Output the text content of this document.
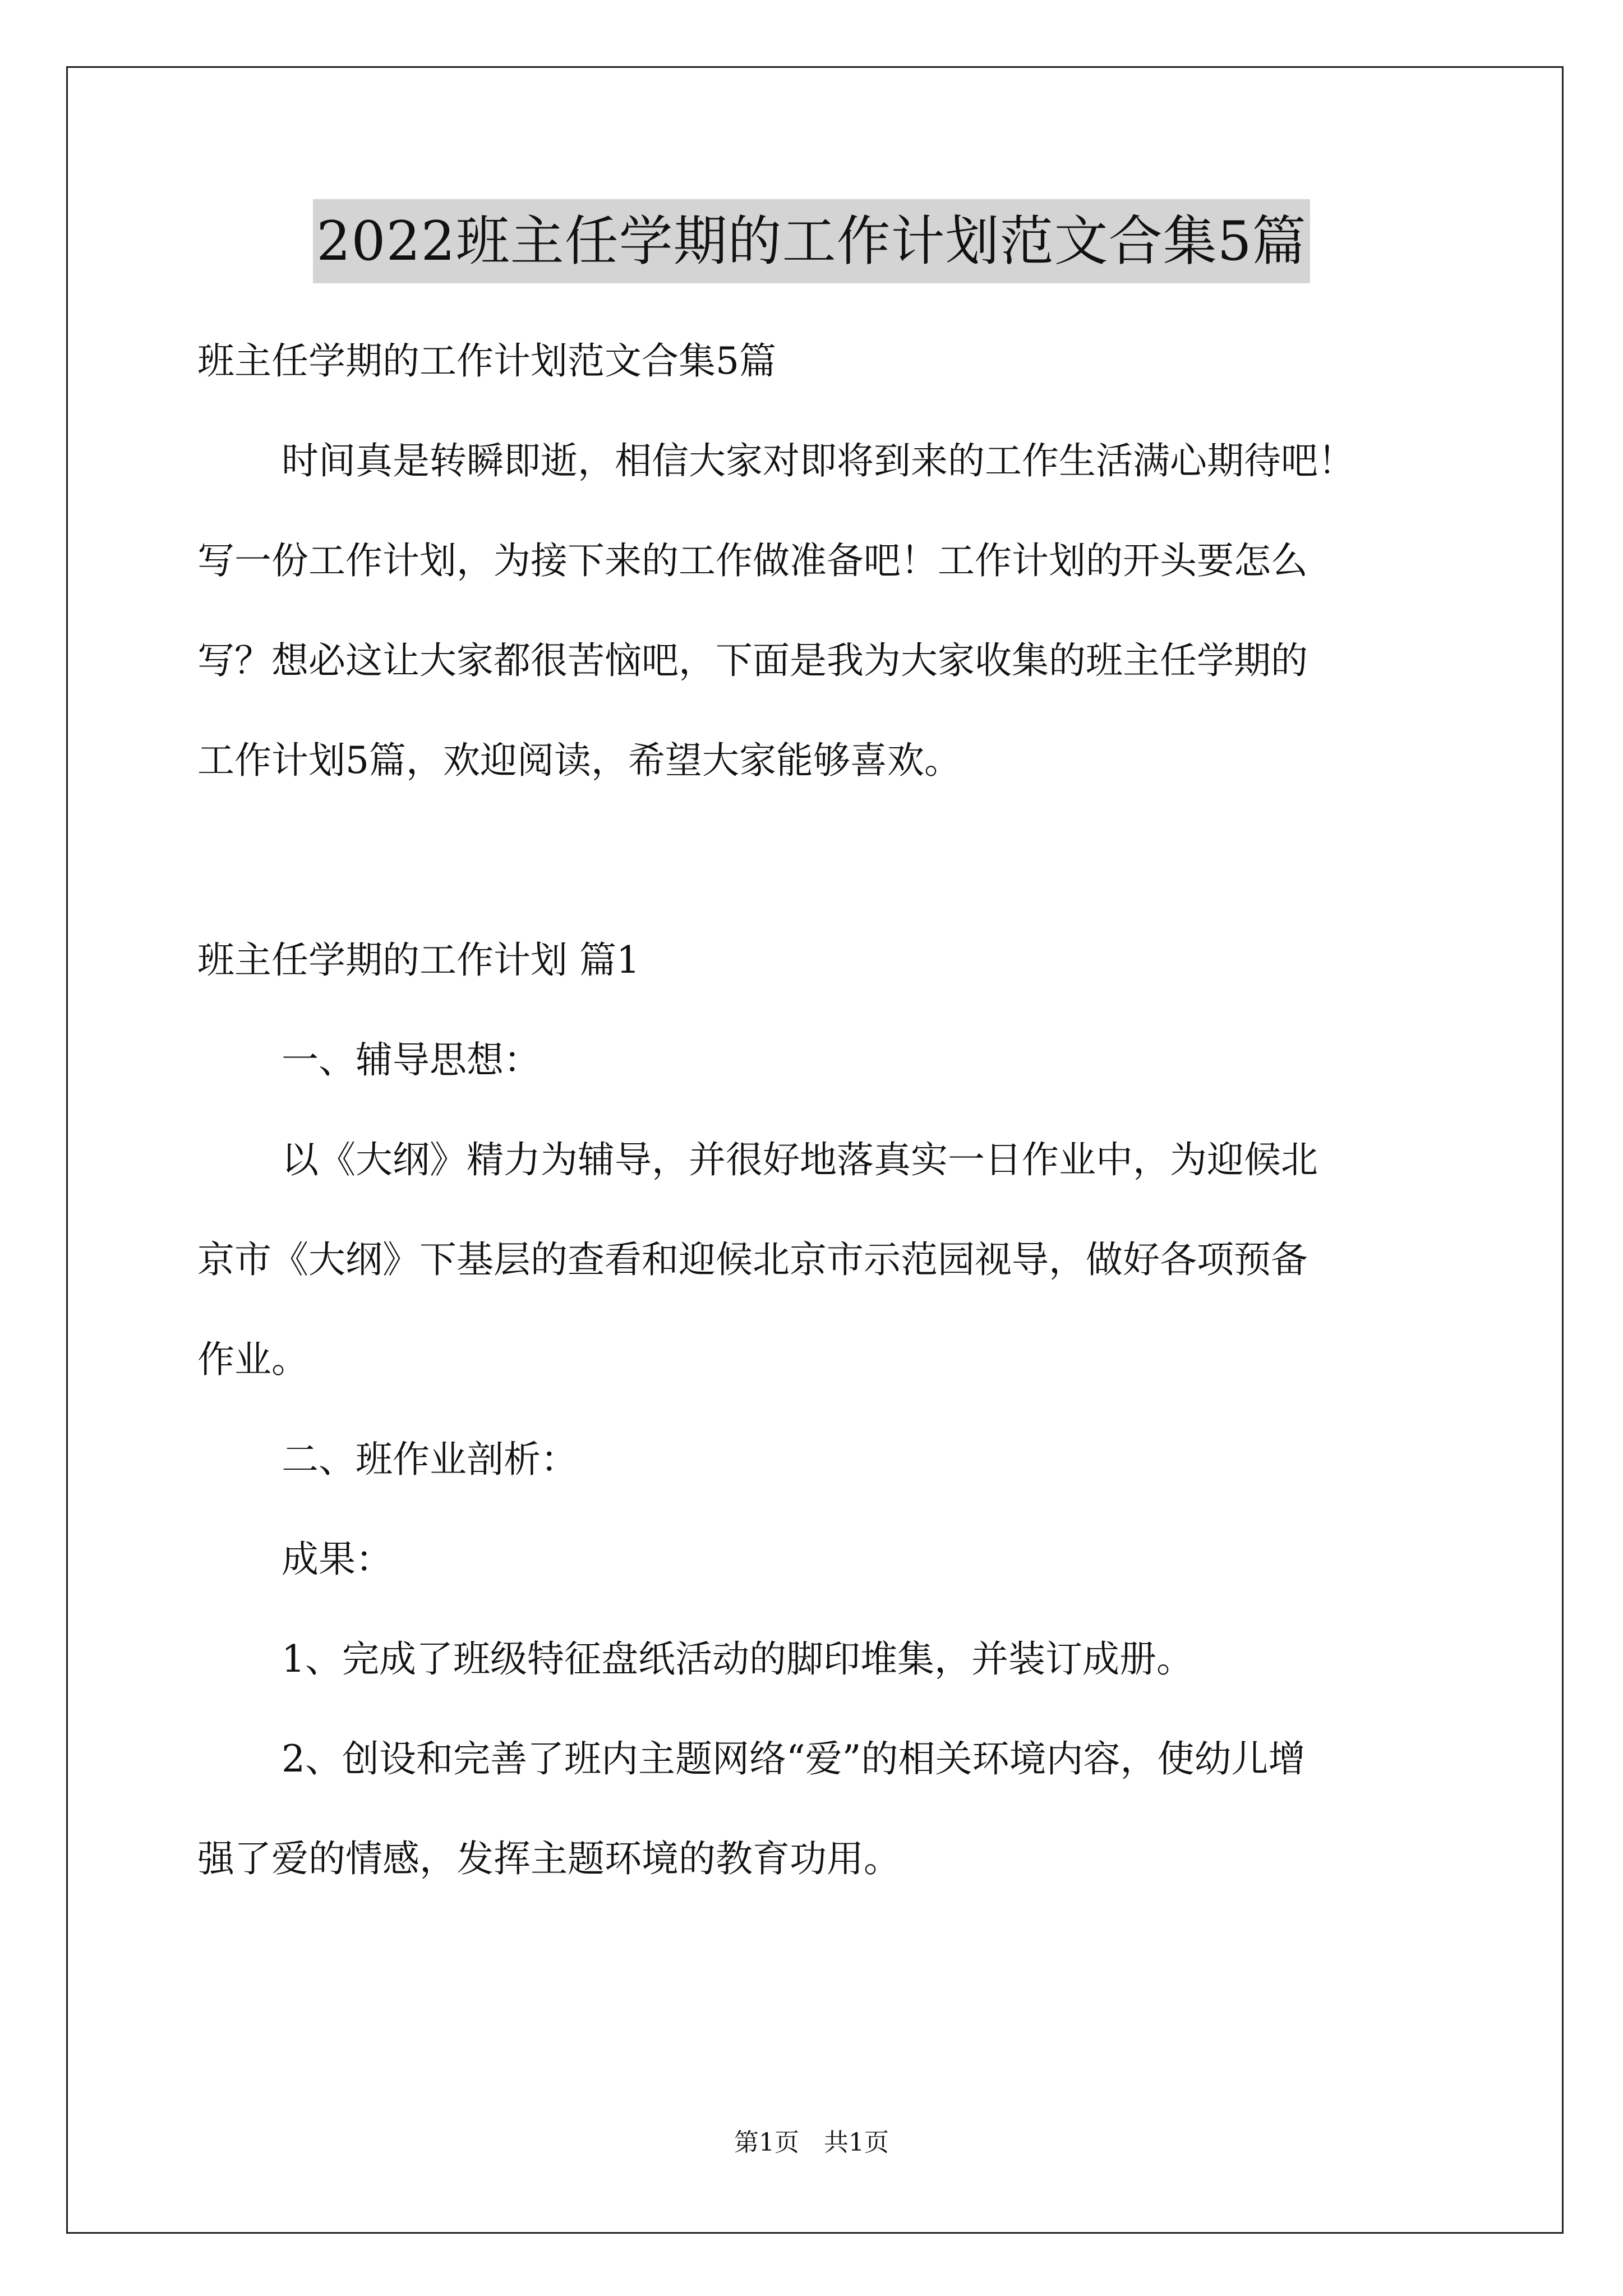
2022班主任学期的工作计划范文合集5篇
班主任学期的工作计划范文合集5篇
时间真是转瞬即逝，相信大家对即将到来的工作生活满心期待吧！
写一份工作计划，为接下来的工作做准备吧！工作计划的开头要怎么
写？想必这让大家都很苦恼吧，下面是我为大家收集的班主任学期的
工作计划5篇，欢迎阅读，希望大家能够喜欢。
班主任学期的工作计划 篇1
一、辅导思想：
以《大纲》精力为辅导，并很好地落真实一日作业中，为迎候北
京市《大纲》下基层的查看和迎候北京市示范园视导，做好各项预备
作业。
二、班作业剖析：
成果：
1、完成了班级特征盘纸活动的脚印堆集，并装订成册。
2、创设和完善了班内主题网络“爱”的相关环境内容，使幼儿增
强了爱的情感，发挥主题环境的教育功用。
第1页　共1页
